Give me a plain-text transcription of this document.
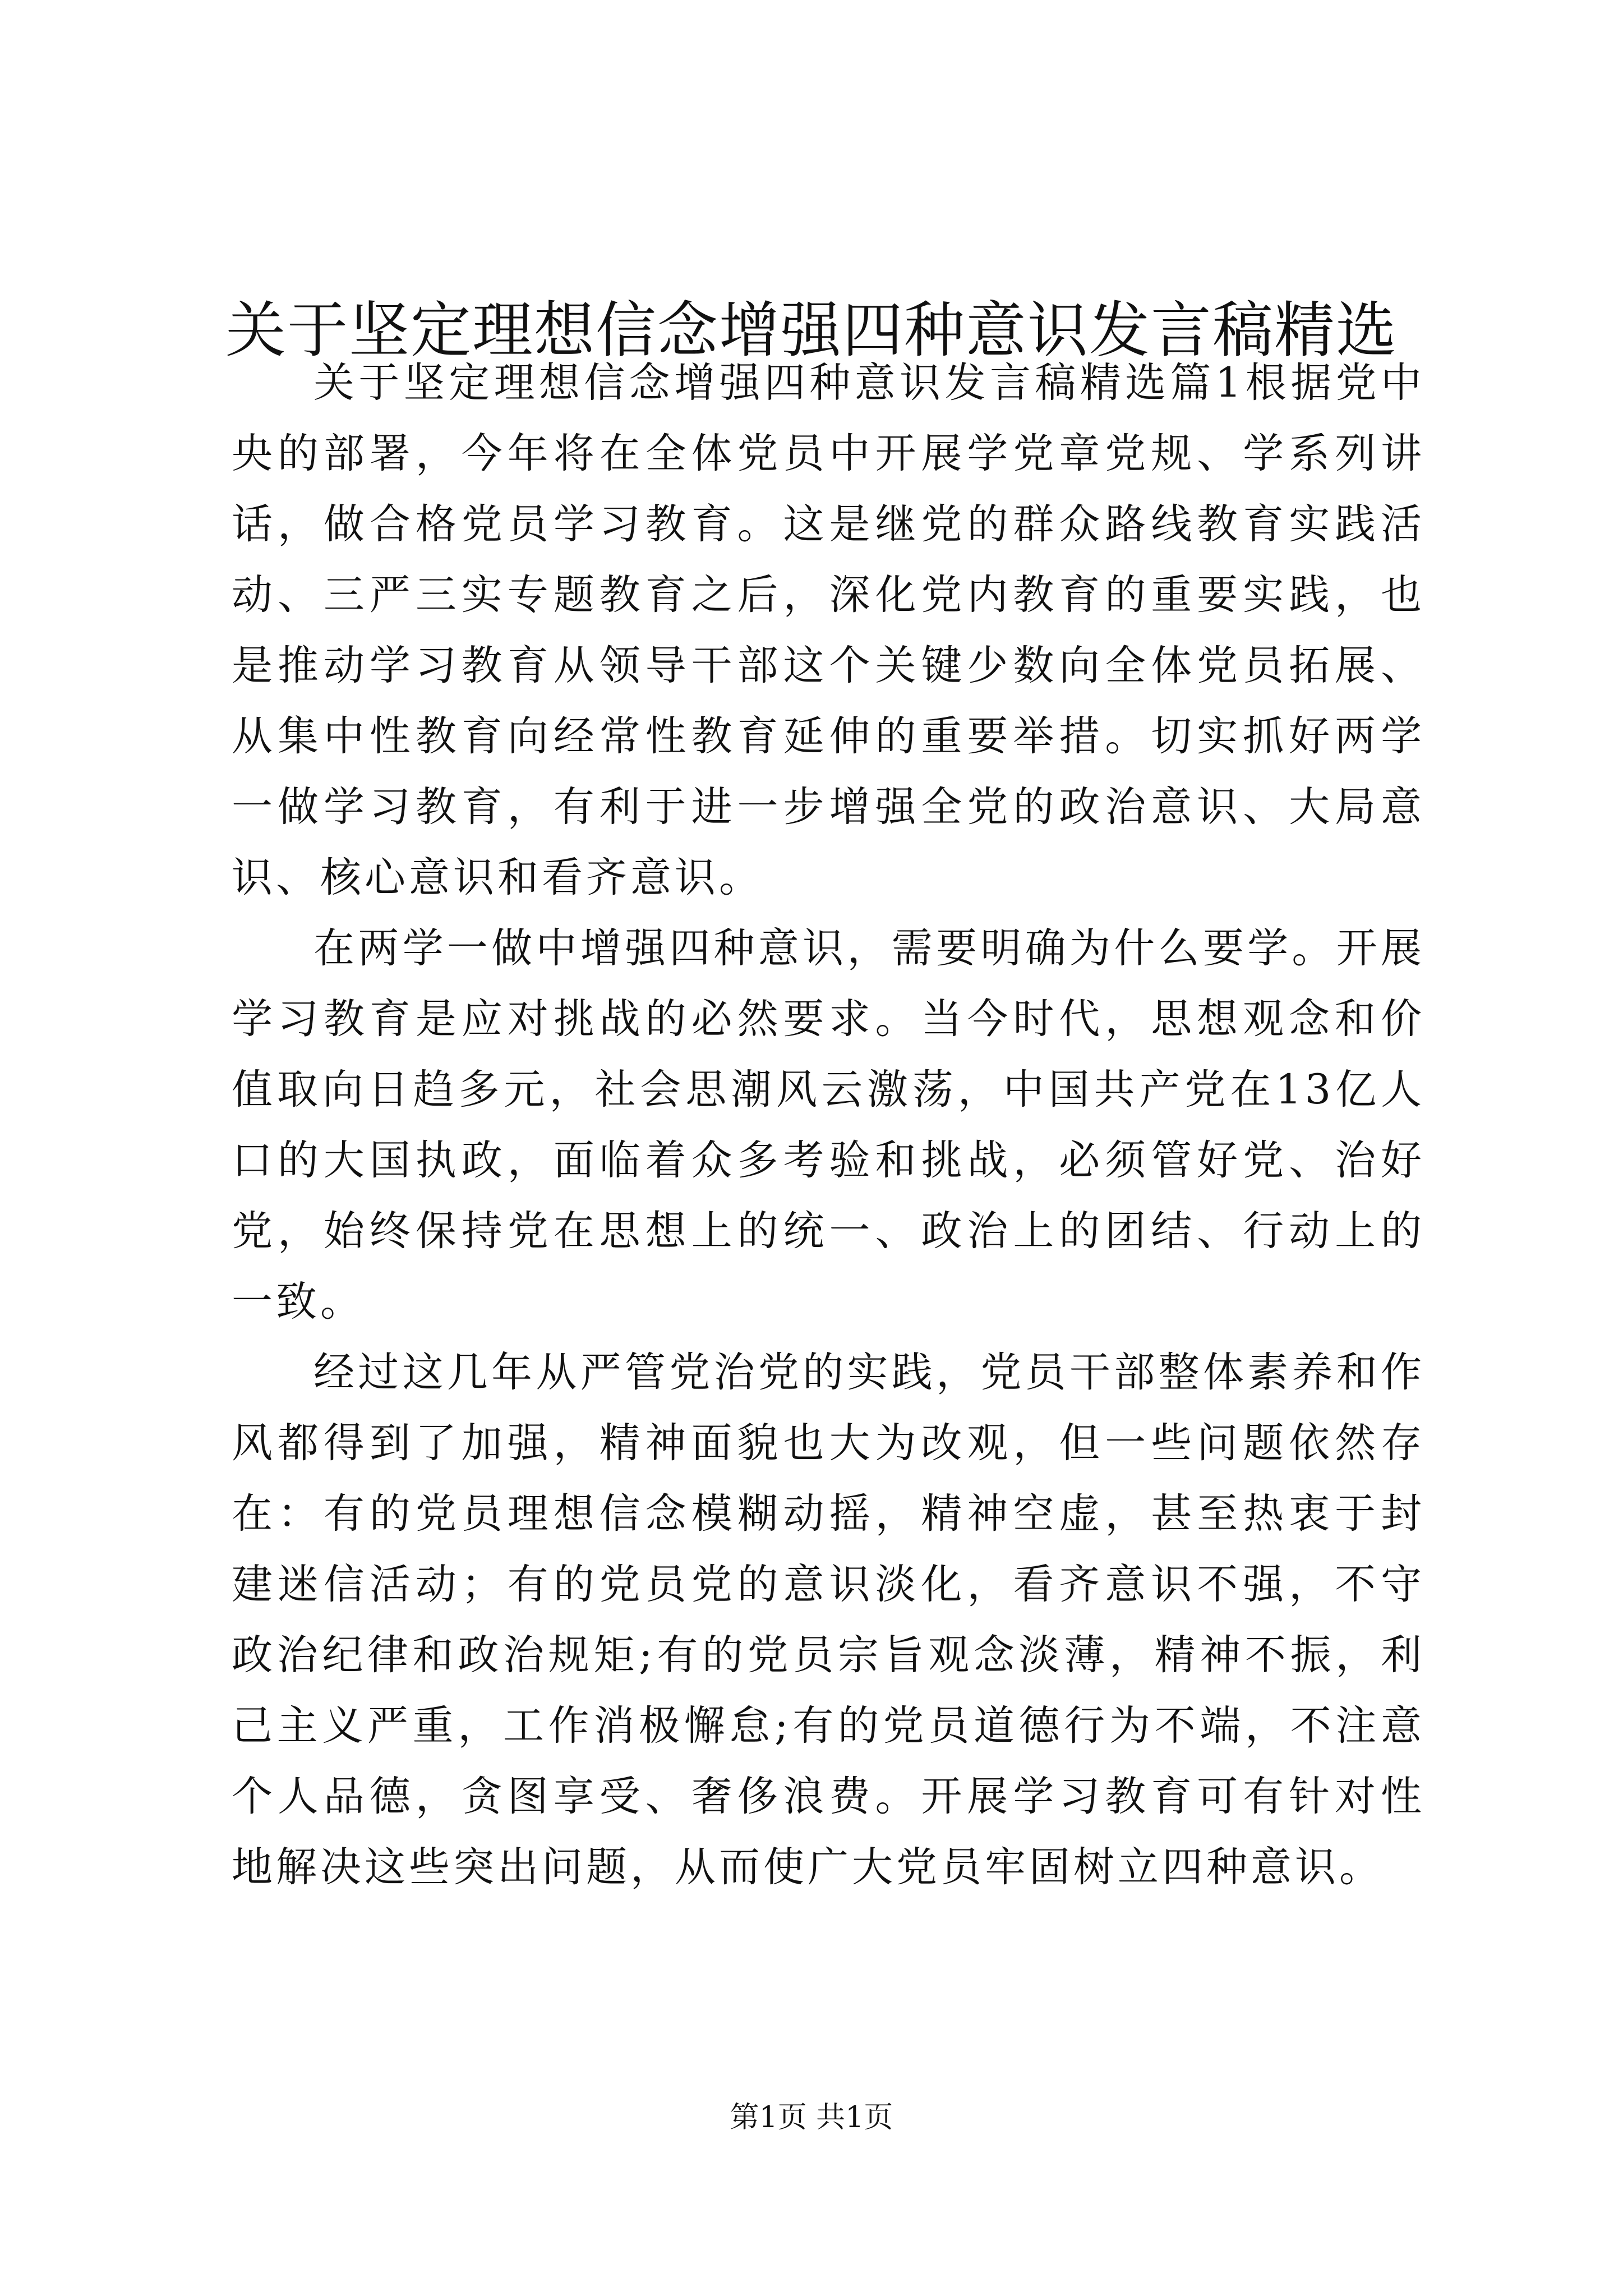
关于坚定理想信念增强四种意识发言稿精选

关于坚定理想信念增强四种意识发言稿精选篇1根据党中央的部署，今年将在全体党员中开展学党章党规、学系列讲话，做合格党员学习教育。这是继党的群众路线教育实践活动、三严三实专题教育之后，深化党内教育的重要实践，也是推动学习教育从领导干部这个关键少数向全体党员拓展、从集中性教育向经常性教育延伸的重要举措。切实抓好两学一做学习教育，有利于进一步增强全党的政治意识、大局意识、核心意识和看齐意识。

在两学一做中增强四种意识，需要明确为什么要学。开展学习教育是应对挑战的必然要求。当今时代，思想观念和价值取向日趋多元，社会思潮风云激荡，中国共产党在13亿人口的大国执政，面临着众多考验和挑战，必须管好党、治好党，始终保持党在思想上的统一、政治上的团结、行动上的一致。

经过这几年从严管党治党的实践，党员干部整体素养和作风都得到了加强，精神面貌也大为改观，但一些问题依然存在：有的党员理想信念模糊动摇，精神空虚，甚至热衷于封建迷信活动；有的党员党的意识淡化，看齐意识不强，不守政治纪律和政治规矩;有的党员宗旨观念淡薄，精神不振，利己主义严重，工作消极懈怠;有的党员道德行为不端，不注意个人品德，贪图享受、奢侈浪费。开展学习教育可有针对性地解决这些突出问题，从而使广大党员牢固树立四种意识。

第1页 共1页
